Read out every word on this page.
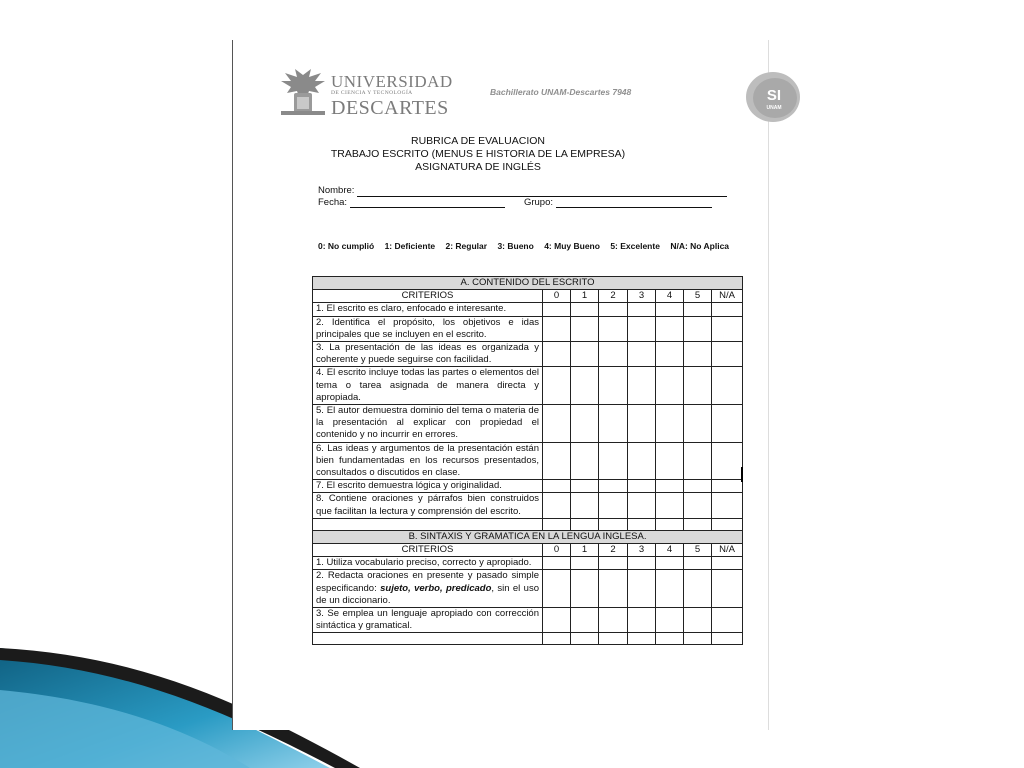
UNIVERSIDAD
DE CIENCIA Y TECNOLOGÍA
DESCARTES
Bachillerato UNAM-Descartes 7948	SI
UNAM
RUBRICA DE EVALUACION
TRABAJO ESCRITO (MENUS E HISTORIA DE LA EMPRESA)
ASIGNATURA DE INGLÉS
Nombre:
Fecha:	Grupo:
0: No cumplió 1: Deficiente 2: Regular 3: Bueno 4: Muy Bueno 5: Excelente N/A: No Aplica
A. CONTENIDO DEL ESCRITO							
CRITERIOS	0	1	2	3	4	5	N/A
1. El escrito es claro, enfocado e interesante.							
2. Identifica el propósito, los objetivos e idas principales que se incluyen en el escrito.							
3. La presentación de las ideas es organizada y coherente y puede seguirse con facilidad.							
4. El escrito incluye todas las partes o elementos del tema o tarea asignada de manera directa y apropiada.							
5. El autor demuestra dominio del tema o materia de la presentación al explicar con propiedad el contenido y no incurrir en errores.							
6. Las ideas y argumentos de la presentación están bien fundamentadas en los recursos presentados, consultados o discutidos en clase.							
7. El escrito demuestra lógica y originalidad.							
8. Contiene oraciones y párrafos bien construidos que facilitan la lectura y comprensión del escrito.							

B. SINTAXIS Y GRAMATICA EN LA LENGUA INGLESA.							
CRITERIOS	0	1	2	3	4	5	N/A
1. Utiliza vocabulario preciso, correcto y apropiado.							
2. Redacta oraciones en presente y pasado simple especificando: sujeto, verbo, predicado, sin el uso de un diccionario.							
3. Se emplea un lenguaje apropiado con corrección sintáctica y gramatical.							
